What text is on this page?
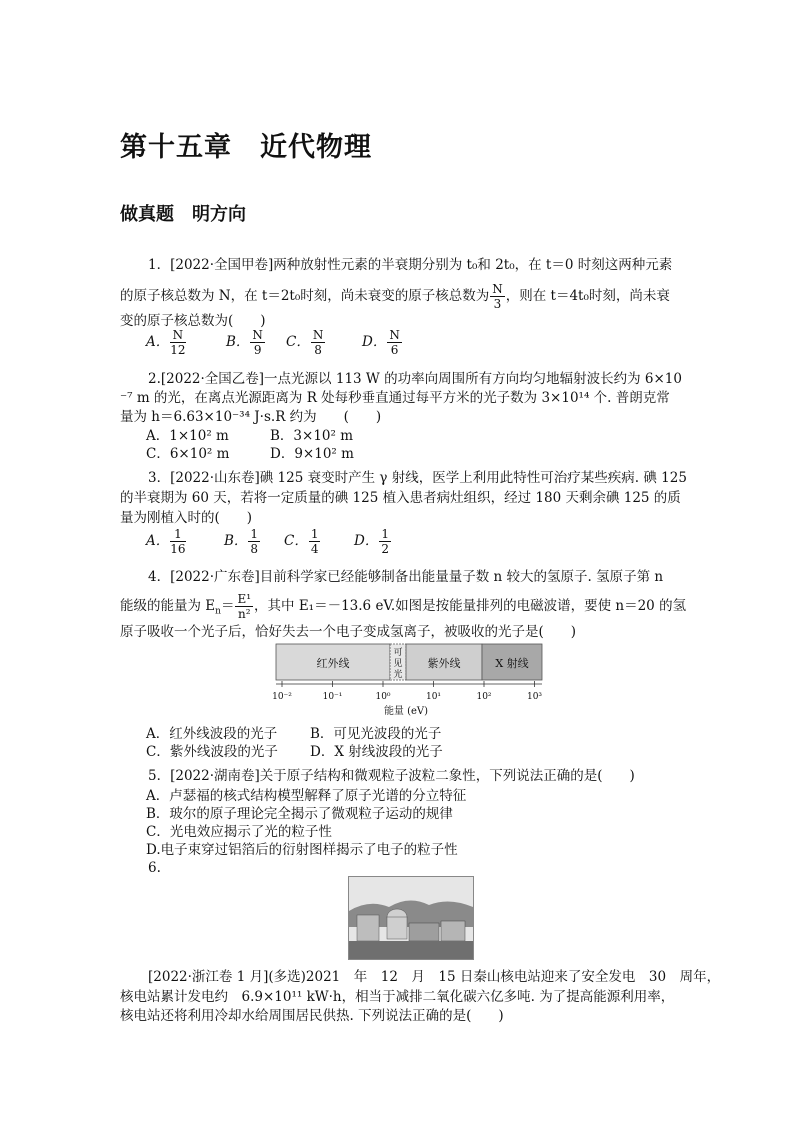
第十五章　近代物理
做真题　明方向
1．[2022·全国甲卷]两种放射性元素的半衰期分别为 t₀和 2t₀，在 t＝0 时刻这两种元素
的原子核总数为 N，在 t＝2t₀时刻，尚未衰变的原子核总数为 $\frac{N}{3}$ ，则在 t＝4t₀时刻，尚未衰
变的原子核总数为(　　)
A． $\frac{N}{12}$	B． $\frac{N}{9}$ C． $\frac{N}{8}$	D． $\frac{N}{6}$
2.[2022·全国乙卷]一点光源以 113 W 的功率向周围所有方向均匀地辐射波长约为 6×10
⁻⁷ m 的光，在离点光源距离为 R 处每秒垂直通过每平方米的光子数为 3×10¹⁴ 个. 普朗克常
量为 h＝6.63×10⁻³⁴ J·s.R 约为　　(　　)
A．1×10² m	B．3×10² m
C．6×10² m	D．9×10² m
3．[2022·山东卷]碘 125 衰变时产生 γ 射线，医学上利用此特性可治疗某些疾病. 碘 125
的半衰期为 60 天，若将一定质量的碘 125 植入患者病灶组织，经过 180 天剩余碘 125 的质
量为刚植入时的(　　)
A． $\frac{1}{16}$	B． $\frac{1}{8}$ C． $\frac{1}{4}$ D． $\frac{1}{2}$
4．[2022·广东卷]目前科学家已经能够制备出能量量子数 n 较大的氢原子. 氢原子第 n
能级的能量为 $E_n= \frac{\text{E¹}}{\text{n²}}$ ，其中 E₁＝－13.6 eV.如图是按能量排列的电磁波谱，要使 n＝20 的氢
原子吸收一个光子后，恰好失去一个电子变成氢离子，被吸收的光子是(　　)
红外线
可见光
紫外线	X 射线
10⁻²	10⁻¹	10⁰	10¹	10²	10³
能量 (eV)
A．红外线波段的光子 B．可见光波段的光子
C．紫外线波段的光子 D．X 射线波段的光子
5．[2022·湖南卷]关于原子结构和微观粒子波粒二象性，下列说法正确的是(　　)
A．卢瑟福的核式结构模型解释了原子光谱的分立特征
B．玻尔的原子理论完全揭示了微观粒子运动的规律
C．光电效应揭示了光的粒子性
D.电子束穿过铝箔后的衍射图样揭示了电子的粒子性
6.
[2022·浙江卷 1 月](多选)2021　年　12　月　15 日秦山核电站迎来了安全发电　30　周年，
核电站累计发电约　6.9×10¹¹ kW·h，相当于减排二氧化碳六亿多吨. 为了提高能源利用率，
核电站还将利用冷却水给周围居民供热. 下列说法正确的是(　　)
